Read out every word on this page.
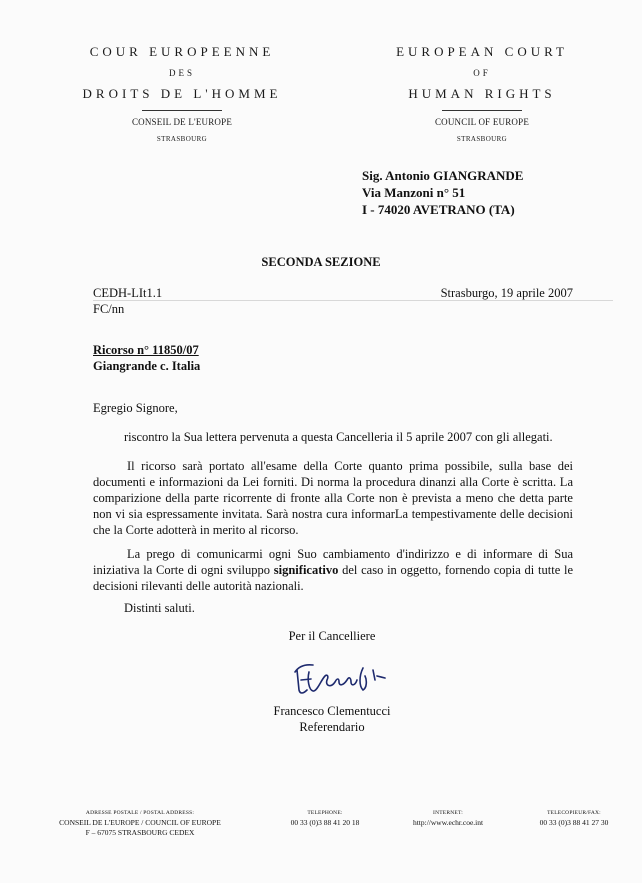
COUR EUROPEENNE
DES
DROITS DE L'HOMME
CONSEIL DE L'EUROPE
STRASBOURG
EUROPEAN COURT
OF
HUMAN RIGHTS
COUNCIL OF EUROPE
STRASBOURG
Sig. Antonio GIANGRANDE
Via Manzoni n° 51
I - 74020 AVETRANO (TA)
SECONDA SEZIONE
CEDH-LIt1.1
FC/nn
Strasburgo, 19 aprile 2007
Ricorso n° 11850/07
Giangrande c. Italia
Egregio Signore,
riscontro la Sua lettera pervenuta a questa Cancelleria il 5 aprile 2007 con gli allegati.
Il ricorso sarà portato all'esame della Corte quanto prima possibile, sulla base dei documenti e informazioni da Lei forniti. Di norma la procedura dinanzi alla Corte è scritta. La comparizione della parte ricorrente di fronte alla Corte non è prevista a meno che detta parte non vi sia espressamente invitata. Sarà nostra cura informarLa tempestivamente delle decisioni che la Corte adotterà in merito al ricorso.
La prego di comunicarmi ogni Suo cambiamento d'indirizzo e di informare di Sua iniziativa la Corte di ogni sviluppo significativo del caso in oggetto, fornendo copia di tutte le decisioni rilevanti delle autorità nazionali.
Distinti saluti.
Per il Cancelliere
Francesco Clementucci
Referendario
ADRESSE POSTALE / POSTAL ADDRESS:
CONSEIL DE L'EUROPE / COUNCIL OF EUROPE
F – 67075 STRASBOURG CEDEX
TELEPHONE:
00 33 (0)3 88 41 20 18
INTERNET:
http://www.echr.coe.int
TELECOPIEUR/FAX:
00 33 (0)3 88 41 27 30
